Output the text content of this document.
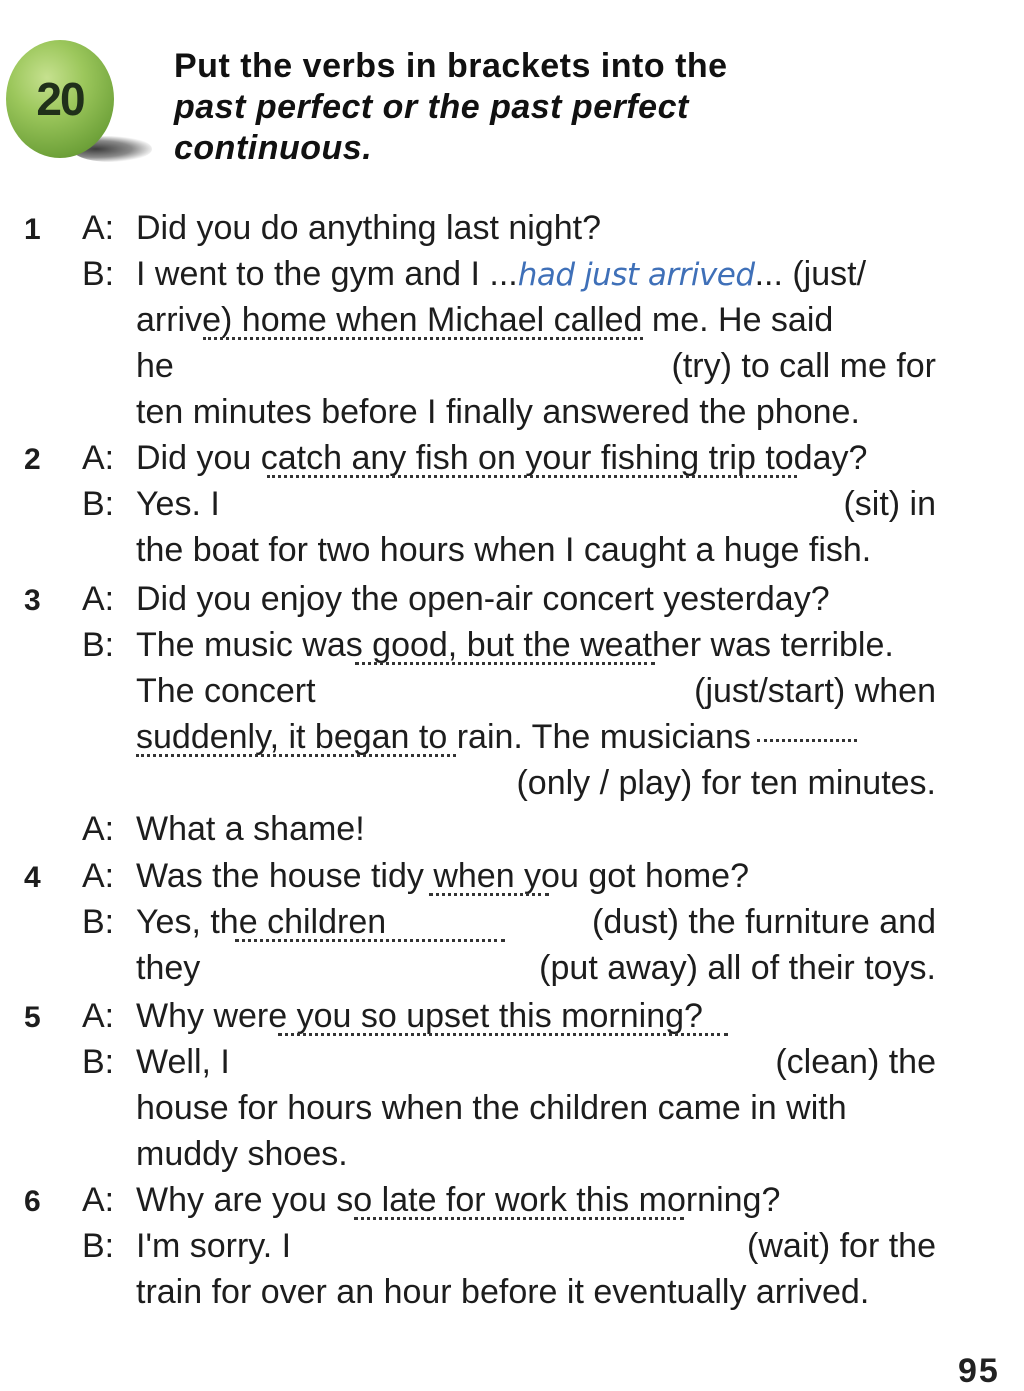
20
Put the verbs in brackets into the
past perfect or the past perfect
continuous.
1 A: Did you do anything last night?
B: I went to the gym and I ...had just arrived... (just/
arrive) home when Michael called me. He said
he	(try) to call me for
ten minutes before I finally answered the phone.
2 A: Did you catch any fish on your fishing trip today?
B: Yes. I	(sit) in
the boat for two hours when I caught a huge fish.
3 A: Did you enjoy the open-air concert yesterday?
B: The music was good, but the weather was terrible.
The concert	(just/start) when
suddenly, it began to rain. The musicians
(only / play) for ten minutes.
A: What a shame!
4 A: Was the house tidy when you got home?
B: Yes, the children	(dust) the furniture and
they	(put away) all of their toys.
5 A: Why were you so upset this morning?
B: Well, I	(clean) the
house for hours when the children came in with
muddy shoes.
6 A: Why are you so late for work this morning?
B: I'm sorry. I	(wait) for the
train for over an hour before it eventually arrived.
95
